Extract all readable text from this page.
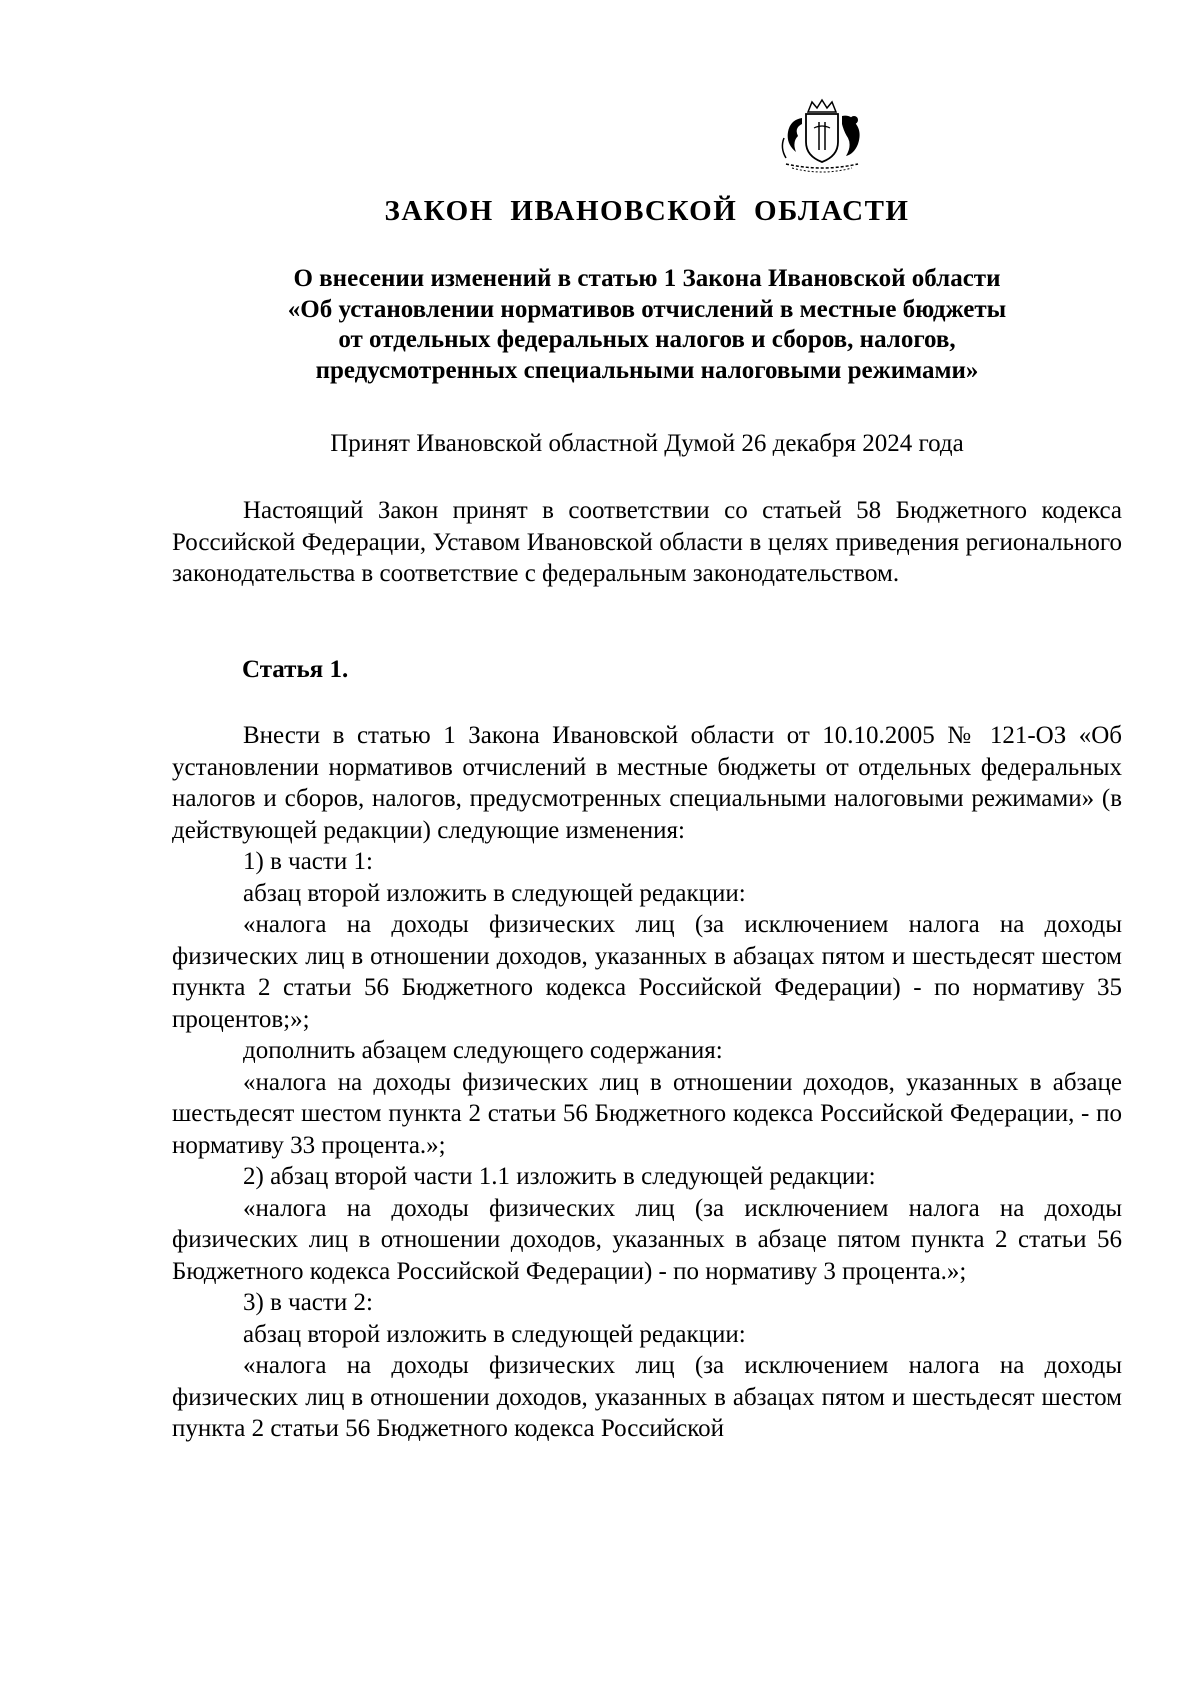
ЗАКОН ИВАНОВСКОЙ ОБЛАСТИ
О внесении изменений в статью 1 Закона Ивановской области
«Об установлении нормативов отчислений в местные бюджеты
от отдельных федеральных налогов и сборов, налогов,
предусмотренных специальными налоговыми режимами»
Принят Ивановской областной Думой 26 декабря 2024 года

Настоящий Закон принят в соответствии со статьей 58 Бюджетного кодекса Российской Федерации, Уставом Ивановской области в целях приведения регионального законодательства в соответствие с федеральным законодательством.

Статья 1.

Внести в статью 1 Закона Ивановской области от 10.10.2005 № 121-ОЗ «Об установлении нормативов отчислений в местные бюджеты от отдельных федеральных налогов и сборов, налогов, предусмотренных специальными налоговыми режимами» (в действующей редакции) следующие изменения:

1) в части 1:

абзац второй изложить в следующей редакции:

«налога на доходы физических лиц (за исключением налога на доходы физических лиц в отношении доходов, указанных в абзацах пятом и шестьдесят шестом пункта 2 статьи 56 Бюджетного кодекса Российской Федерации) - по нормативу 35 процентов;»;

дополнить абзацем следующего содержания:

«налога на доходы физических лиц в отношении доходов, указанных в абзаце шестьдесят шестом пункта 2 статьи 56 Бюджетного кодекса Российской Федерации, - по нормативу 33 процента.»;

2) абзац второй части 1.1 изложить в следующей редакции:

«налога на доходы физических лиц (за исключением налога на доходы физических лиц в отношении доходов, указанных в абзаце пятом пункта 2 статьи 56 Бюджетного кодекса Российской Федерации) - по нормативу 3 процента.»;

3) в части 2:

абзац второй изложить в следующей редакции:

«налога на доходы физических лиц (за исключением налога на доходы физических лиц в отношении доходов, указанных в абзацах пятом и шестьдесят шестом пункта 2 статьи 56 Бюджетного кодекса Российской
